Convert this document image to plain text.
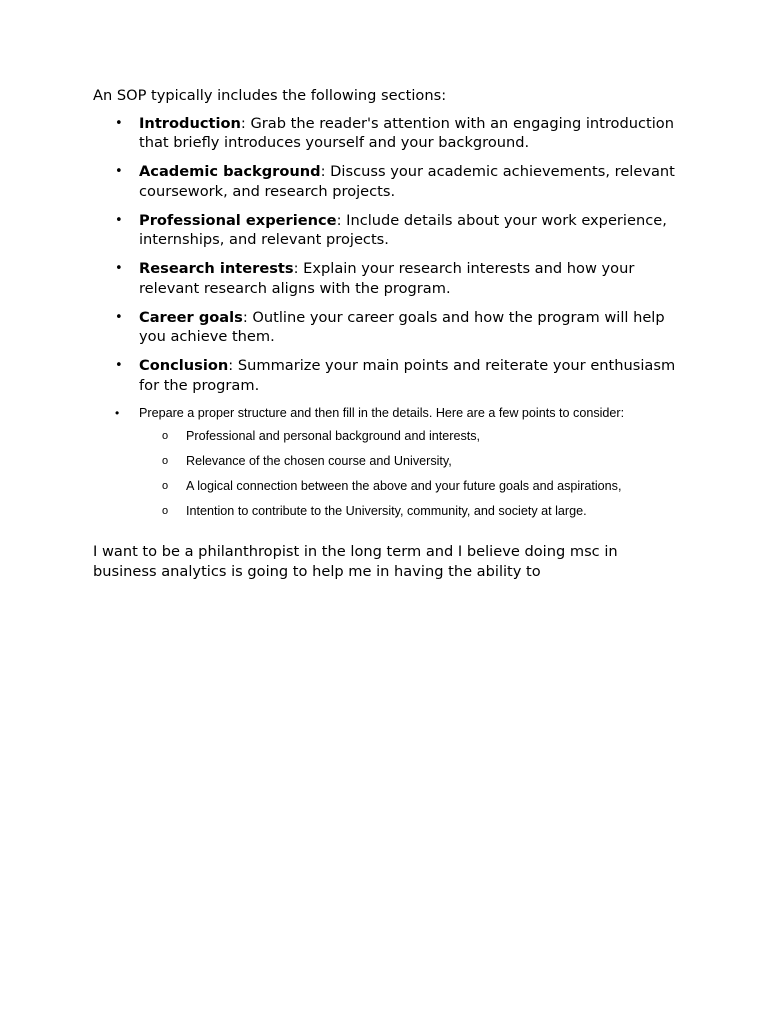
An SOP typically includes the following sections:

• Introduction: Grab the reader's attention with an engaging introduction that briefly introduces yourself and your background.
• Academic background: Discuss your academic achievements, relevant coursework, and research projects.
• Professional experience: Include details about your work experience, internships, and relevant projects.
• Research interests: Explain your research interests and how your relevant research aligns with the program.
• Career goals: Outline your career goals and how the program will help you achieve them.
• Conclusion: Summarize your main points and reiterate your enthusiasm for the program.
• Prepare a proper structure and then fill in the details. Here are a few points to consider:
o Professional and personal background and interests,
o Relevance of the chosen course and University,
o A logical connection between the above and your future goals and aspirations,
o Intention to contribute to the University, community, and society at large.

I want to be a philanthropist in the long term and I believe doing msc in business analytics is going to help me in having the ability to
